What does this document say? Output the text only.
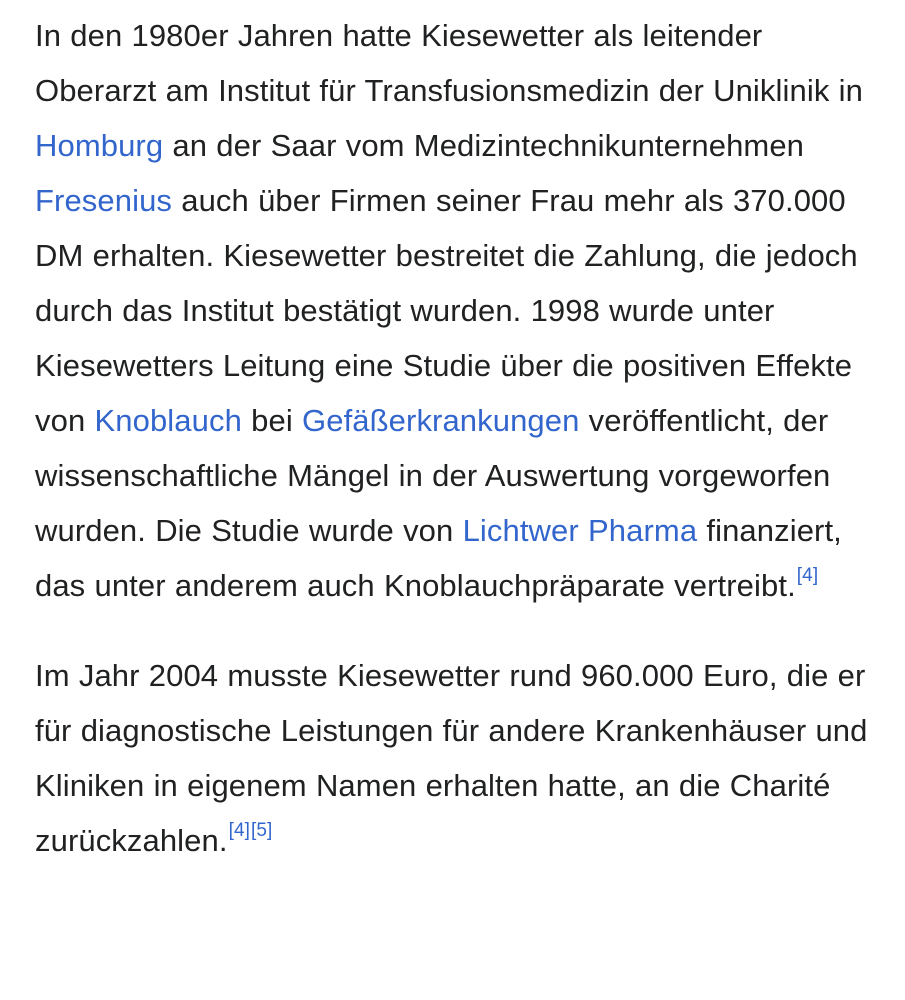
In den 1980er Jahren hatte Kiesewetter als leitender Oberarzt am Institut für Transfusionsmedizin der Uniklinik in Homburg an der Saar vom Medizintechnikunternehmen Fresenius auch über Firmen seiner Frau mehr als 370.000 DM erhalten. Kiesewetter bestreitet die Zahlung, die jedoch durch das Institut bestätigt wurden. 1998 wurde unter Kiesewetters Leitung eine Studie über die positiven Effekte von Knoblauch bei Gefäßerkrankungen veröffentlicht, der wissenschaftliche Mängel in der Auswertung vorgeworfen wurden. Die Studie wurde von Lichtwer Pharma finanziert, das unter anderem auch Knoblauchpräparate vertreibt.[4]

Im Jahr 2004 musste Kiesewetter rund 960.000 Euro, die er für diagnostische Leistungen für andere Krankenhäuser und Kliniken in eigenem Namen erhalten hatte, an die Charité zurückzahlen.[4][5]
